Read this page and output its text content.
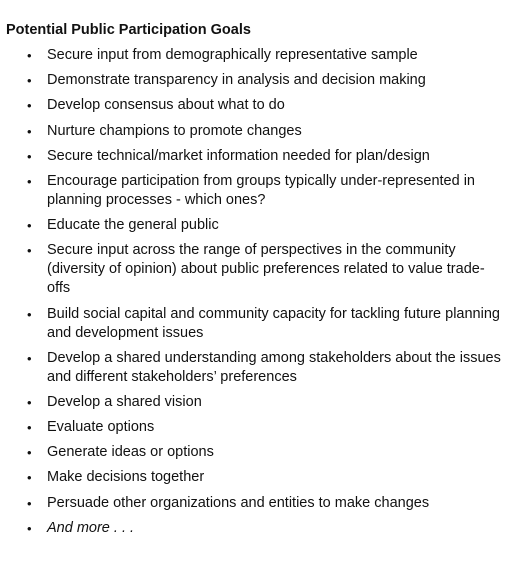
Potential Public Participation Goals
•	Secure input from demographically representative sample
•	Demonstrate transparency in analysis and decision making
•	Develop consensus about what to do
•	Nurture champions to promote changes
•	Secure technical/market information needed for plan/design
•	Encourage participation from groups typically under-represented in planning processes - which ones?
•	Educate the general public
•	Secure input across the range of perspectives in the community (diversity of opinion) about public preferences related to value trade-offs
•	Build social capital and community capacity for tackling future planning and development issues
•	Develop a shared understanding among stakeholders about the issues and different stakeholders’ preferences
•	Develop a shared vision
•	Evaluate options
•	Generate ideas or options
•	Make decisions together
•	Persuade other organizations and entities to make changes
•	And more . . .
